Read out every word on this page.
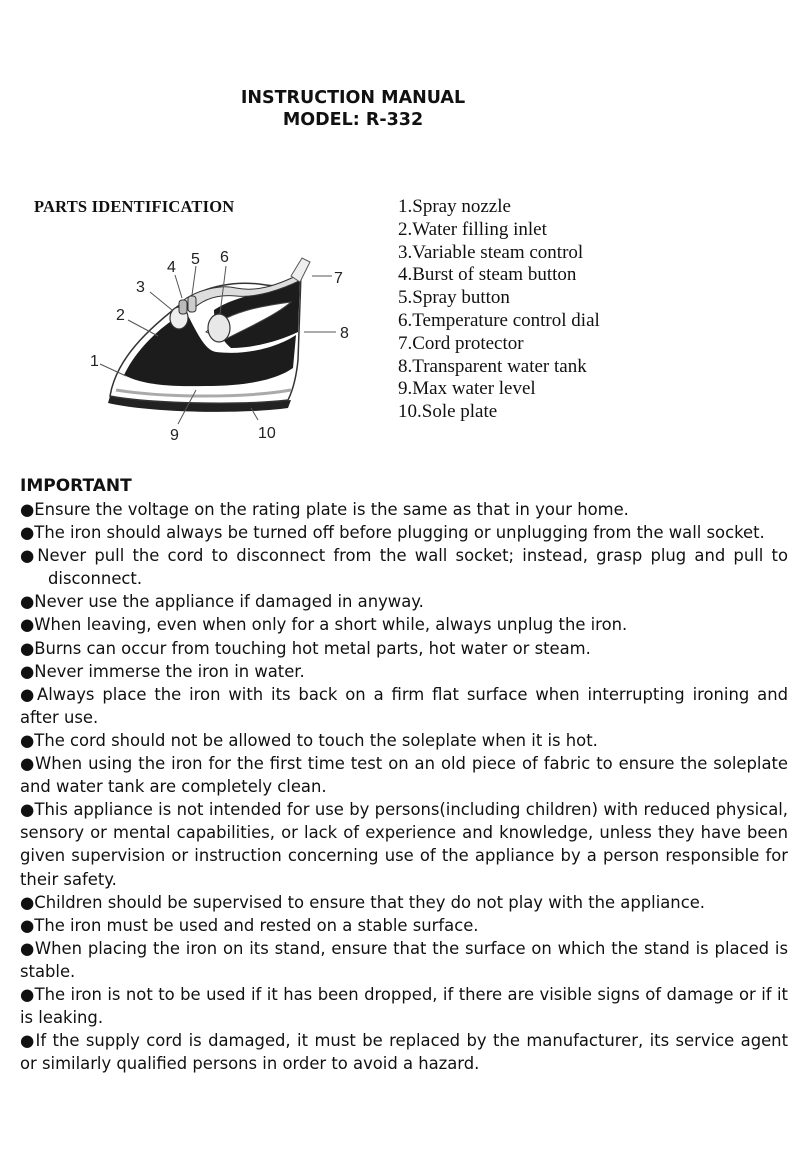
INSTRUCTION MANUAL
MODEL: R-332
PARTS IDENTIFICATION
1
2
3
4 5 6
7
8
9	10
1.Spray nozzle
2.Water filling inlet
3.Variable steam control
4.Burst of steam button
5.Spray button
6.Temperature control dial
7.Cord protector
8.Transparent water tank
9.Max water level
10.Sole plate
IMPORTANT
●Ensure the voltage on the rating plate is the same as that in your home.
●The iron should always be turned off before plugging or unplugging from the wall socket.
●Never pull the cord to disconnect from the wall socket; instead, grasp plug and pull to disconnect.
●Never use the appliance if damaged in anyway.
●When leaving, even when only for a short while, always unplug the iron.
●Burns can occur from touching hot metal parts, hot water or steam.
●Never immerse the iron in water.
●Always place the iron with its back on a firm flat surface when interrupting ironing and after use.
●The cord should not be allowed to touch the soleplate when it is hot.
●When using the iron for the first time test on an old piece of fabric to ensure the soleplate and water tank are completely clean.
●This appliance is not intended for use by persons(including children) with reduced physical, sensory or mental capabilities, or lack of experience and knowledge, unless they have been given supervision or instruction concerning use of the appliance by a person responsible for their safety.
●Children should be supervised to ensure that they do not play with the appliance.
●The iron must be used and rested on a stable surface.
●When placing the iron on its stand, ensure that the surface on which the stand is placed is stable.
●The iron is not to be used if it has been dropped, if there are visible signs of damage or if it is leaking.
●If the supply cord is damaged, it must be replaced by the manufacturer, its service agent or similarly qualified persons in order to avoid a hazard.
